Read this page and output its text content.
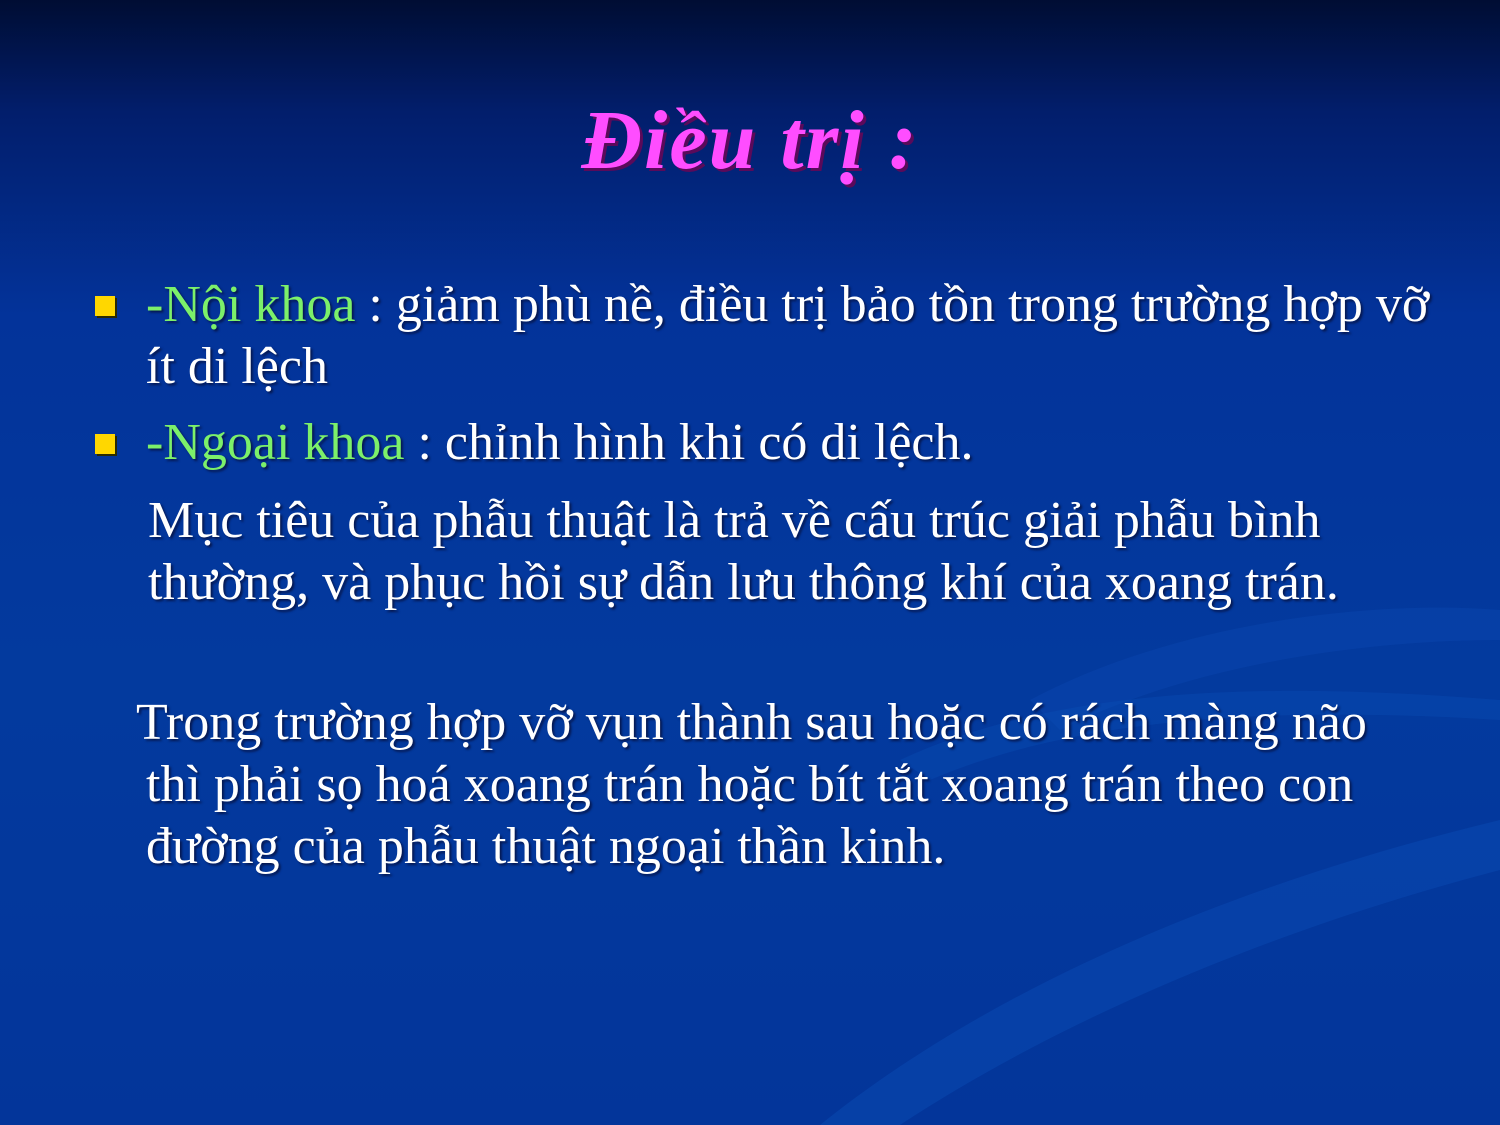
Điều trị :
-Nội khoa : giảm phù nề, điều trị bảo tồn trong trường hợp vỡ ít di lệch
-Ngoại khoa : chỉnh hình khi có di lệch.
Mục tiêu của phẫu thuật là trả về cấu trúc giải phẫu bình thường, và phục hồi sự dẫn lưu thông khí của xoang trán.
Trong trường hợp vỡ vụn thành sau hoặc có rách màng não thì phải sọ hoá xoang trán hoặc bít tắt xoang trán theo con đường của phẫu thuật ngoại thần kinh.
